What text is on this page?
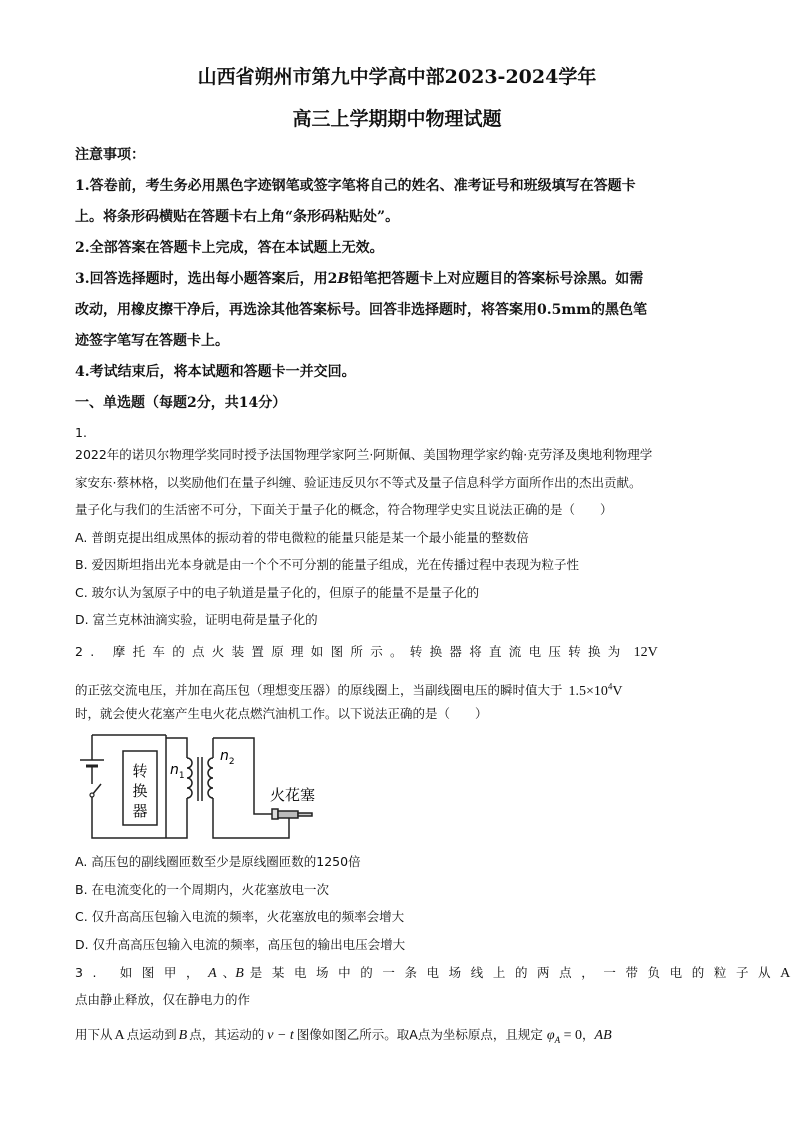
山西省朔州市第九中学高中部2023-2024学年
高三上学期期中物理试题
注意事项：
1.答卷前，考生务必用黑色字迹钢笔或签字笔将自己的姓名、准考证号和班级填写在答题卡
上。将条形码横贴在答题卡右上角“条形码粘贴处”。
2.全部答案在答题卡上完成，答在本试题上无效。
3.回答选择题时，选出每小题答案后，用2B铅笔把答题卡上对应题目的答案标号涂黑。如需
改动，用橡皮擦干净后，再选涂其他答案标号。回答非选择题时，将答案用0.5mm的黑色笔
迹签字笔写在答题卡上。
4.考试结束后，将本试题和答题卡一并交回。
一、单选题（每题2分，共14分）
1.
2022年的诺贝尔物理学奖同时授予法国物理学家阿兰·阿斯佩、美国物理学家约翰·克劳泽及奥地利物理学
家安东·蔡林格，以奖励他们在量子纠缠、验证违反贝尔不等式及量子信息科学方面所作出的杰出贡献。
量子化与我们的生活密不可分，下面关于量子化的概念，符合物理学史实且说法正确的是（　　）
A. 普朗克提出组成黑体的振动着的带电微粒的能量只能是某一个最小能量的整数倍
B. 爱因斯坦指出光本身就是由一个个不可分割的能量子组成，光在传播过程中表现为粒子性
C. 玻尔认为氢原子中的电子轨道是量子化的，但原子的能量不是量子化的
D. 富兰克林油滴实验，证明电荷是量子化的
2. 摩托车的点火装置原理如图所示。转换器将直流电压转换为 12V
的正弦交流电压，并加在高压包（理想变压器）的原线圈上，当副线圈电压的瞬时值大于 $1.5\times 10^4V$
时，就会使火花塞产生电火花点燃汽油机工作。以下说法正确的是（　　）
转
换
器
$n_1$
$n_2$
火花塞
A. 高压包的副线圈匝数至少是原线圈匝数的1250倍
B. 在电流变化的一个周期内，火花塞放电一次
C. 仅升高高压包输入电流的频率，火花塞放电的频率会增大
D. 仅升高高压包输入电流的频率，高压包的输出电压会增大
3. 如图甲，A 、B 是某电场中的一条电场线上的两点，一带负电的粒子从A
点由静止释放，仅在静电力的作
用下从 A 点运动到 B 点，其运动的 v − t 图像如图乙所示。取A点为坐标原点，且规定 $\varphi_A = 0$，AB
